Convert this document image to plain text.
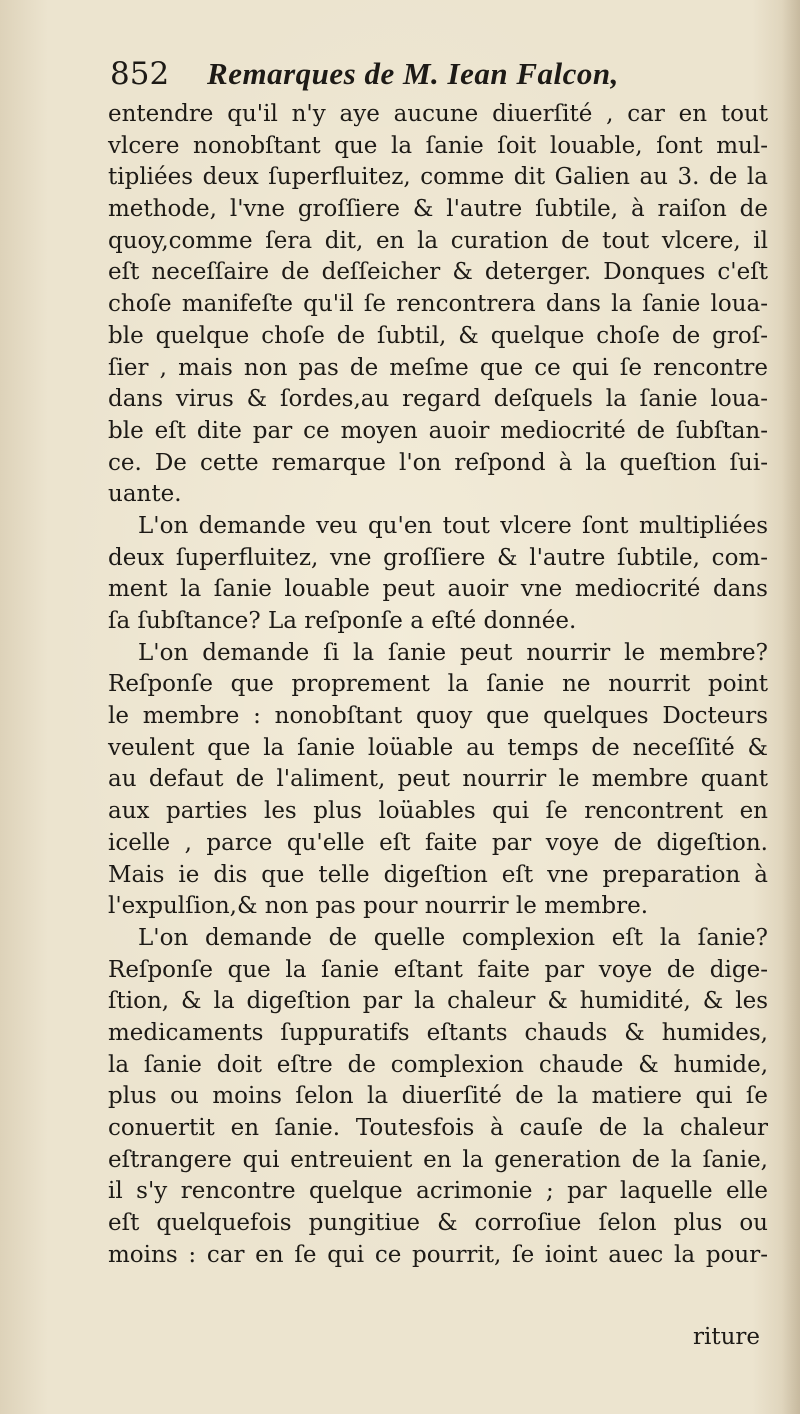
852 Remarques de M. Iean Falcon,
entendre qu'il n'y aye aucune diuerſité , car en tout
vlcere nonobſtant que la ſanie ſoit louable, ſont mul-
tipliées deux ſuperfluitez, comme dit Galien au 3. de la
methode, l'vne groſſiere & l'autre ſubtile, à raiſon de
quoy,comme ſera dit, en la curation de tout vlcere, il
eſt neceſſaire de deſſeicher & deterger. Donques c'eſt
choſe manifeſte qu'il ſe rencontrera dans la ſanie loua-
ble quelque choſe de ſubtil, & quelque choſe de groſ-
ſier , mais non pas de meſme que ce qui ſe rencontre
dans virus & ſordes,au regard deſquels la ſanie loua-
ble eſt dite par ce moyen auoir mediocrité de ſubſtan-
ce. De cette remarque l'on reſpond à la queſtion ſui-
uante.
L'on demande veu qu'en tout vlcere ſont multipliées
deux ſuperfluitez, vne groſſiere & l'autre ſubtile, com-
ment la ſanie louable peut auoir vne mediocrité dans
ſa ſubſtance? La reſponſe a eſté donnée.
L'on demande ſi la ſanie peut nourrir le membre?
Reſponſe que proprement la ſanie ne nourrit point
le membre : nonobſtant quoy que quelques Docteurs
veulent que la ſanie loüable au temps de neceſſité &
au defaut de l'aliment, peut nourrir le membre quant
aux parties les plus loüables qui ſe rencontrent en
icelle , parce qu'elle eſt faite par voye de digeſtion.
Mais ie dis que telle digeſtion eſt vne preparation à
l'expulſion,& non pas pour nourrir le membre.
L'on demande de quelle complexion eſt la ſanie?
Reſponſe que la ſanie eſtant faite par voye de dige-
ſtion, & la digeſtion par la chaleur & humidité, & les
medicaments ſuppuratifs eſtants chauds & humides,
la ſanie doit eſtre de complexion chaude & humide,
plus ou moins ſelon la diuerſité de la matiere qui ſe
conuertit en ſanie. Toutesfois à cauſe de la chaleur
eſtrangere qui entreuient en la generation de la ſanie,
il s'y rencontre quelque acrimonie ; par laquelle elle
eſt quelquefois pungitiue & corroſiue ſelon plus ou
moins : car en ſe qui ce pourrit, ſe ioint auec la pour-
riture
